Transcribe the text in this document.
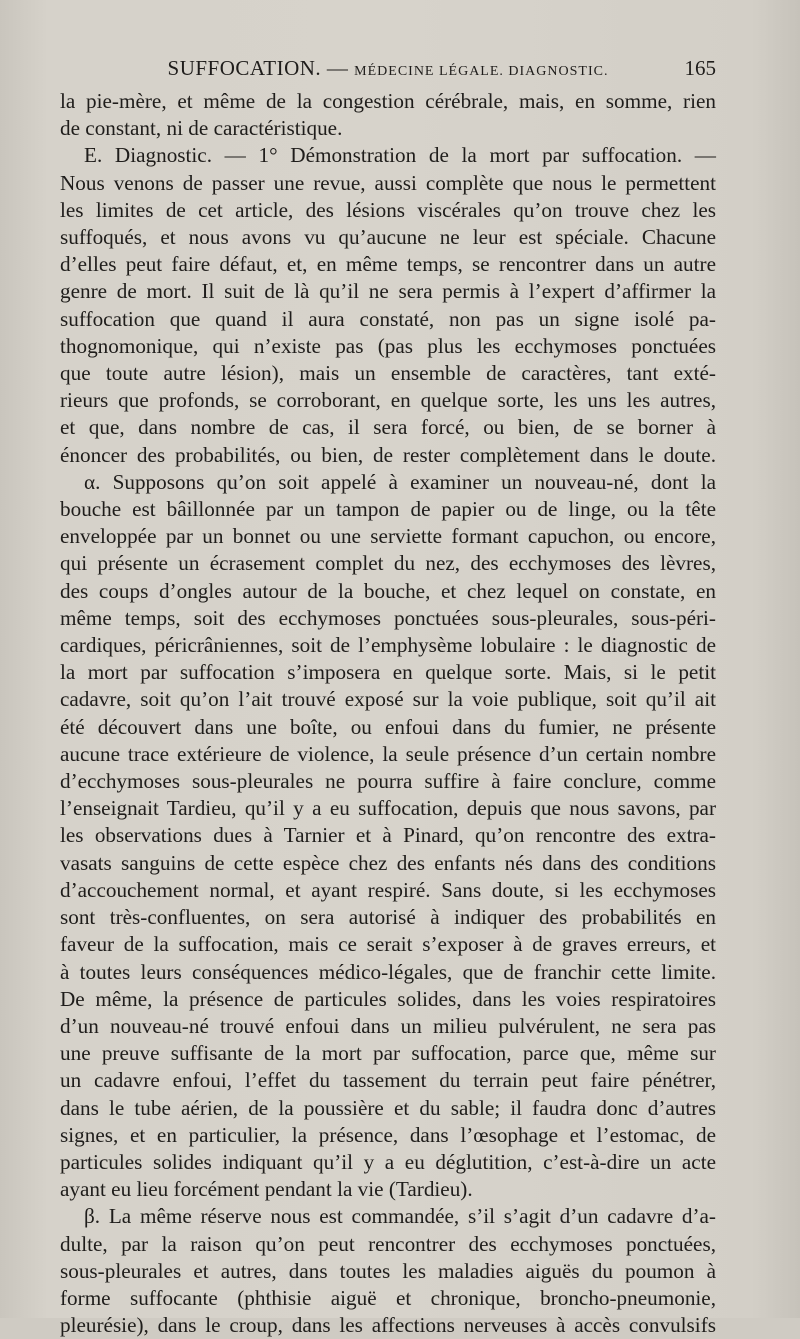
SUFFOCATION. — MÉDECINE LÉGALE. DIAGNOSTIC.	165
la pie-mère, et même de la congestion cérébrale, mais, en somme, rien
de constant, ni de caractéristique.
E. Diagnostic. — 1° Démonstration de la mort par suffocation. —
Nous venons de passer une revue, aussi complète que nous le permettent
les limites de cet article, des lésions viscérales qu’on trouve chez les
suffoqués, et nous avons vu qu’aucune ne leur est spéciale. Chacune
d’elles peut faire défaut, et, en même temps, se rencontrer dans un autre
genre de mort. Il suit de là qu’il ne sera permis à l’expert d’affirmer la
suffocation que quand il aura constaté, non pas un signe isolé pa-
thognomonique, qui n’existe pas (pas plus les ecchymoses ponctuées
que toute autre lésion), mais un ensemble de caractères, tant exté-
rieurs que profonds, se corroborant, en quelque sorte, les uns les autres,
et que, dans nombre de cas, il sera forcé, ou bien, de se borner à
énoncer des probabilités, ou bien, de rester complètement dans le doute.
α. Supposons qu’on soit appelé à examiner un nouveau-né, dont la
bouche est bâillonnée par un tampon de papier ou de linge, ou la tête
enveloppée par un bonnet ou une serviette formant capuchon, ou encore,
qui présente un écrasement complet du nez, des ecchymoses des lèvres,
des coups d’ongles autour de la bouche, et chez lequel on constate, en
même temps, soit des ecchymoses ponctuées sous-pleurales, sous-péri-
cardiques, péricrâniennes, soit de l’emphysème lobulaire : le diagnostic de
la mort par suffocation s’imposera en quelque sorte. Mais, si le petit
cadavre, soit qu’on l’ait trouvé exposé sur la voie publique, soit qu’il ait
été découvert dans une boîte, ou enfoui dans du fumier, ne présente
aucune trace extérieure de violence, la seule présence d’un certain nombre
d’ecchymoses sous-pleurales ne pourra suffire à faire conclure, comme
l’enseignait Tardieu, qu’il y a eu suffocation, depuis que nous savons, par
les observations dues à Tarnier et à Pinard, qu’on rencontre des extra-
vasats sanguins de cette espèce chez des enfants nés dans des conditions
d’accouchement normal, et ayant respiré. Sans doute, si les ecchymoses
sont très-confluentes, on sera autorisé à indiquer des probabilités en
faveur de la suffocation, mais ce serait s’exposer à de graves erreurs, et
à toutes leurs conséquences médico-légales, que de franchir cette limite.
De même, la présence de particules solides, dans les voies respiratoires
d’un nouveau-né trouvé enfoui dans un milieu pulvérulent, ne sera pas
une preuve suffisante de la mort par suffocation, parce que, même sur
un cadavre enfoui, l’effet du tassement du terrain peut faire pénétrer,
dans le tube aérien, de la poussière et du sable; il faudra donc d’autres
signes, et en particulier, la présence, dans l’œsophage et l’estomac, de
particules solides indiquant qu’il y a eu déglutition, c’est-à-dire un acte
ayant eu lieu forcément pendant la vie (Tardieu).
β. La même réserve nous est commandée, s’il s’agit d’un cadavre d’a-
dulte, par la raison qu’on peut rencontrer des ecchymoses ponctuées,
sous-pleurales et autres, dans toutes les maladies aiguës du poumon à
forme suffocante (phthisie aiguë et chronique, broncho-pneumonie,
pleurésie), dans le croup, dans les affections nerveuses à accès convulsifs
